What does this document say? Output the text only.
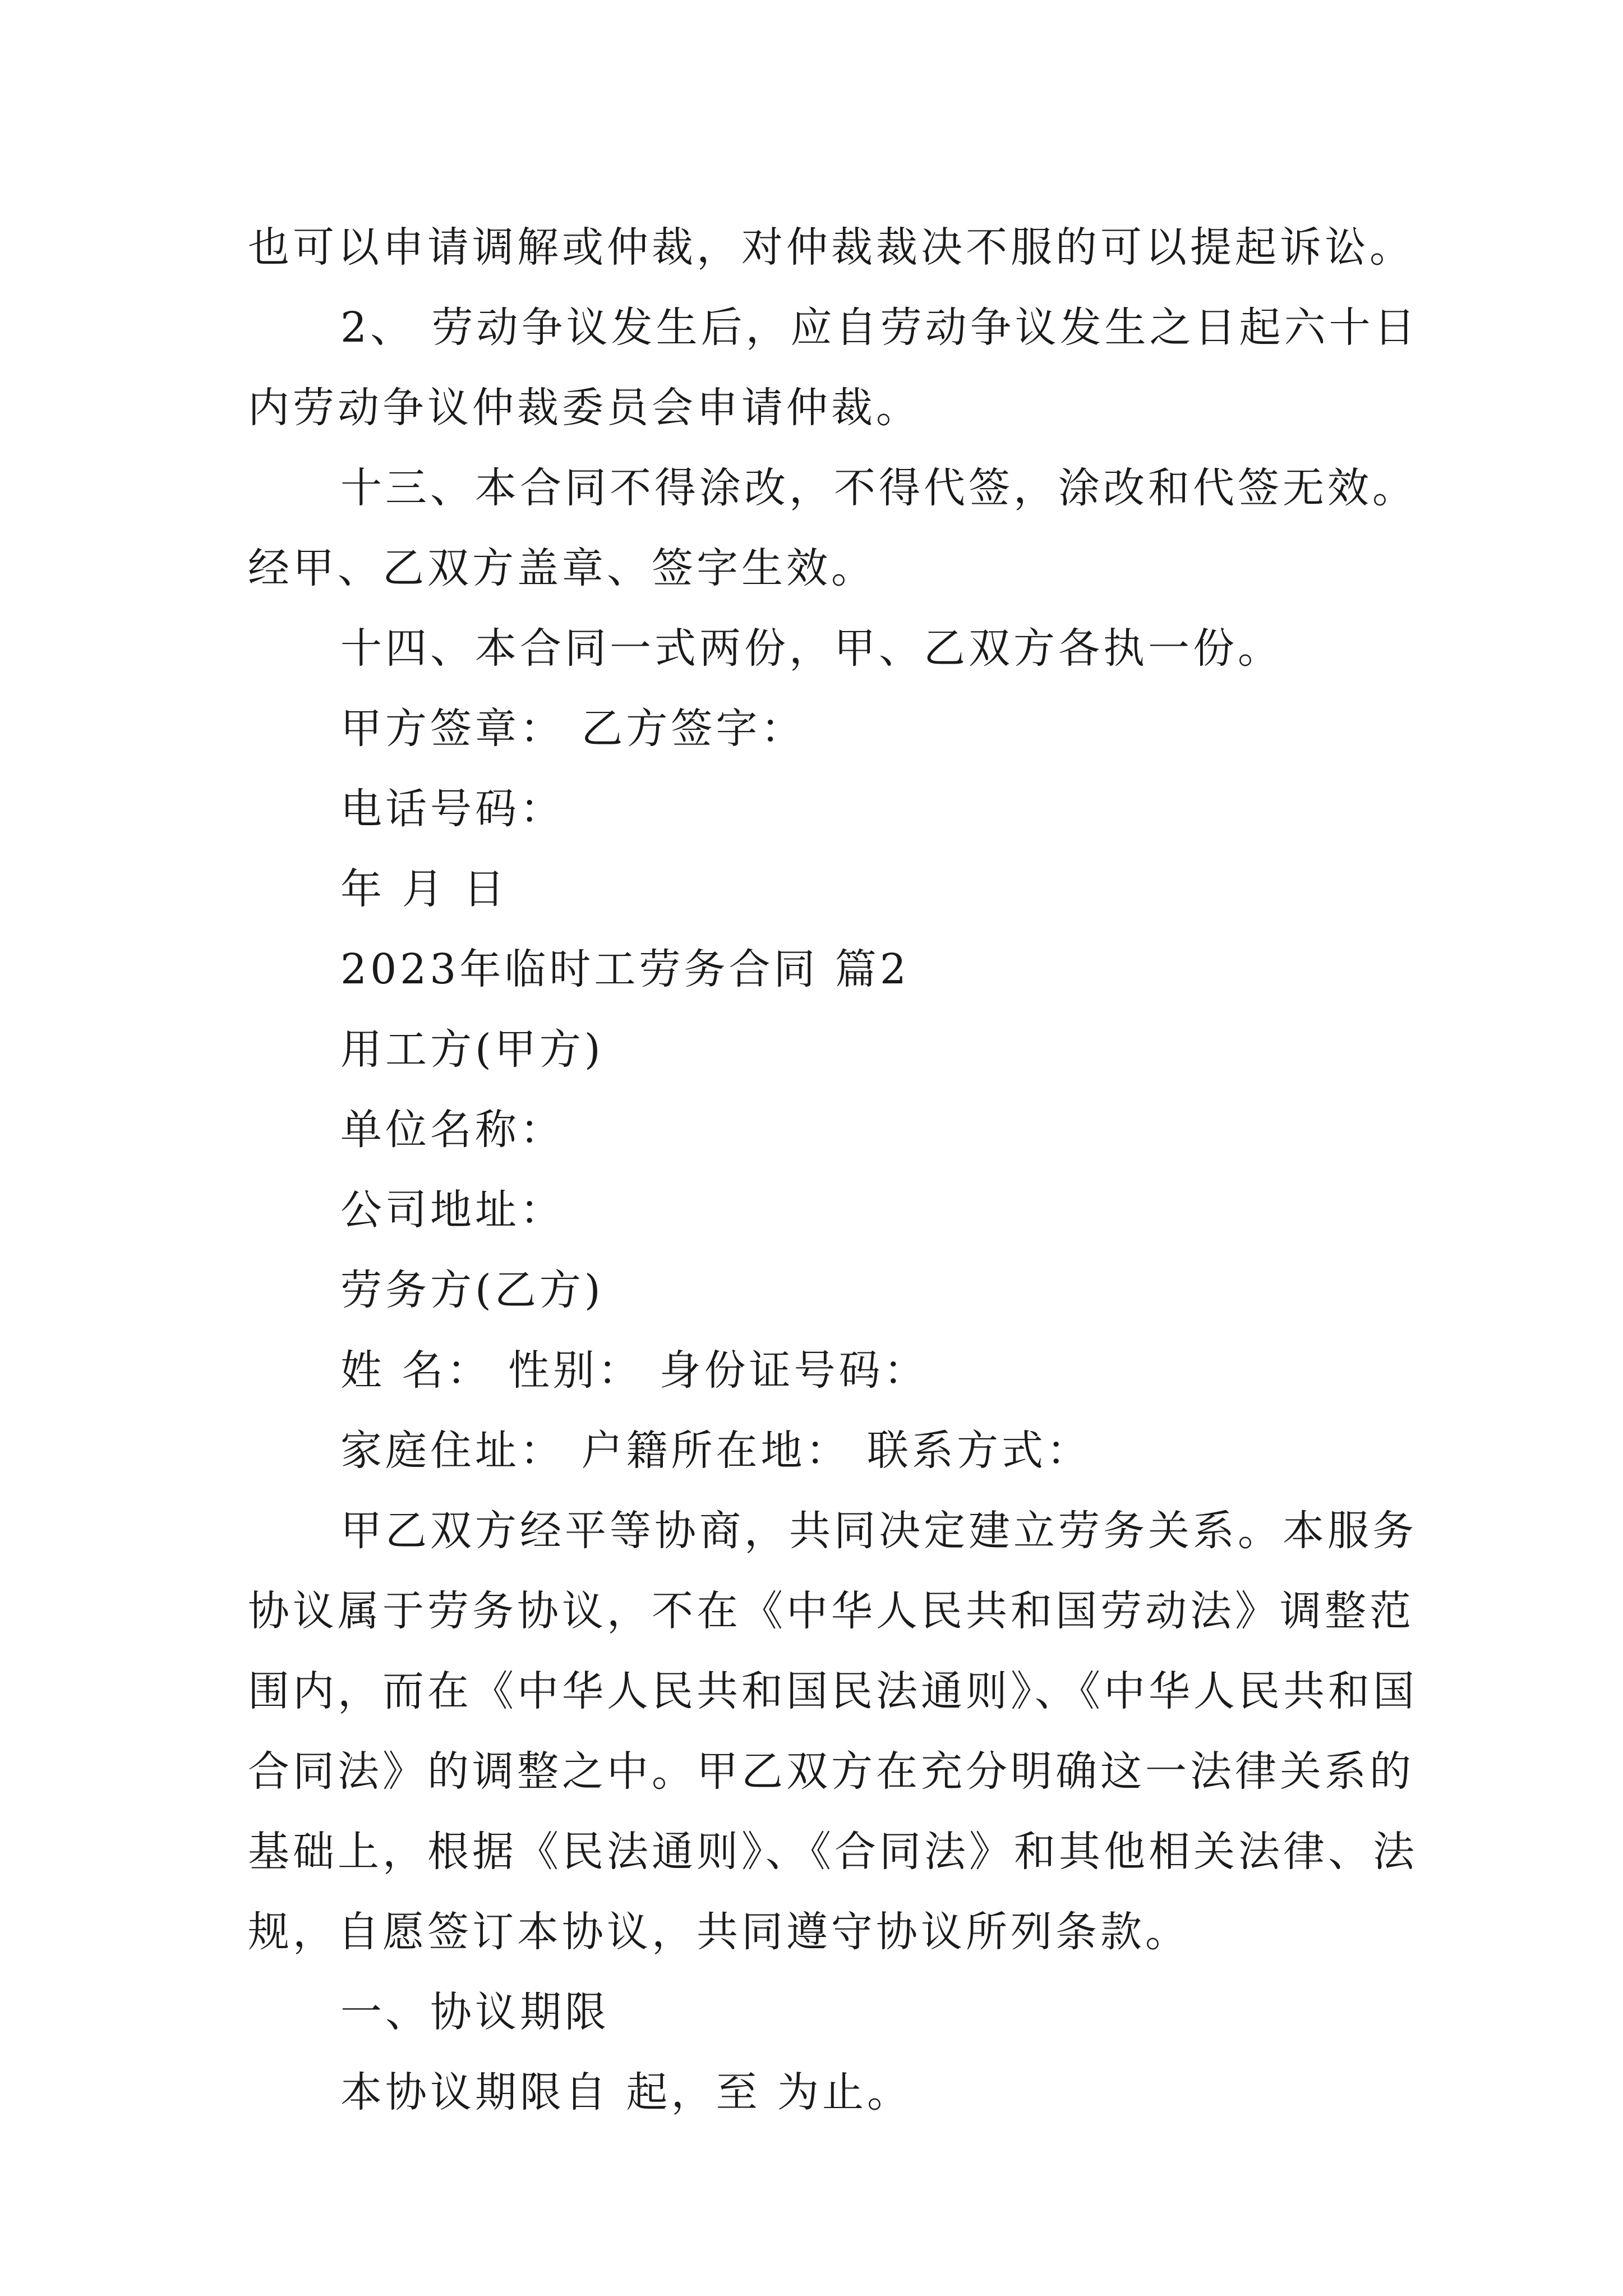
也可以申请调解或仲裁，对仲裁裁决不服的可以提起诉讼。
2、 劳动争议发生后，应自劳动争议发生之日起六十日
内劳动争议仲裁委员会申请仲裁。
十三、本合同不得涂改，不得代签，涂改和代签无效。
经甲、乙双方盖章、签字生效。
十四、本合同一式两份，甲、乙双方各执一份。
甲方签章： 乙方签字：
电话号码：
年 月 日
2023年临时工劳务合同 篇2
用工方(甲方)
单位名称：
公司地址：
劳务方(乙方)
姓 名： 性别： 身份证号码：
家庭住址： 户籍所在地： 联系方式：
甲乙双方经平等协商，共同决定建立劳务关系。本服务
协议属于劳务协议，不在《中华人民共和国劳动法》调整范
围内，而在《中华人民共和国民法通则》、《中华人民共和国
合同法》的调整之中。甲乙双方在充分明确这一法律关系的
基础上，根据《民法通则》、《合同法》和其他相关法律、法
规，自愿签订本协议，共同遵守协议所列条款。
一、协议期限
本协议期限自 起，至 为止。
